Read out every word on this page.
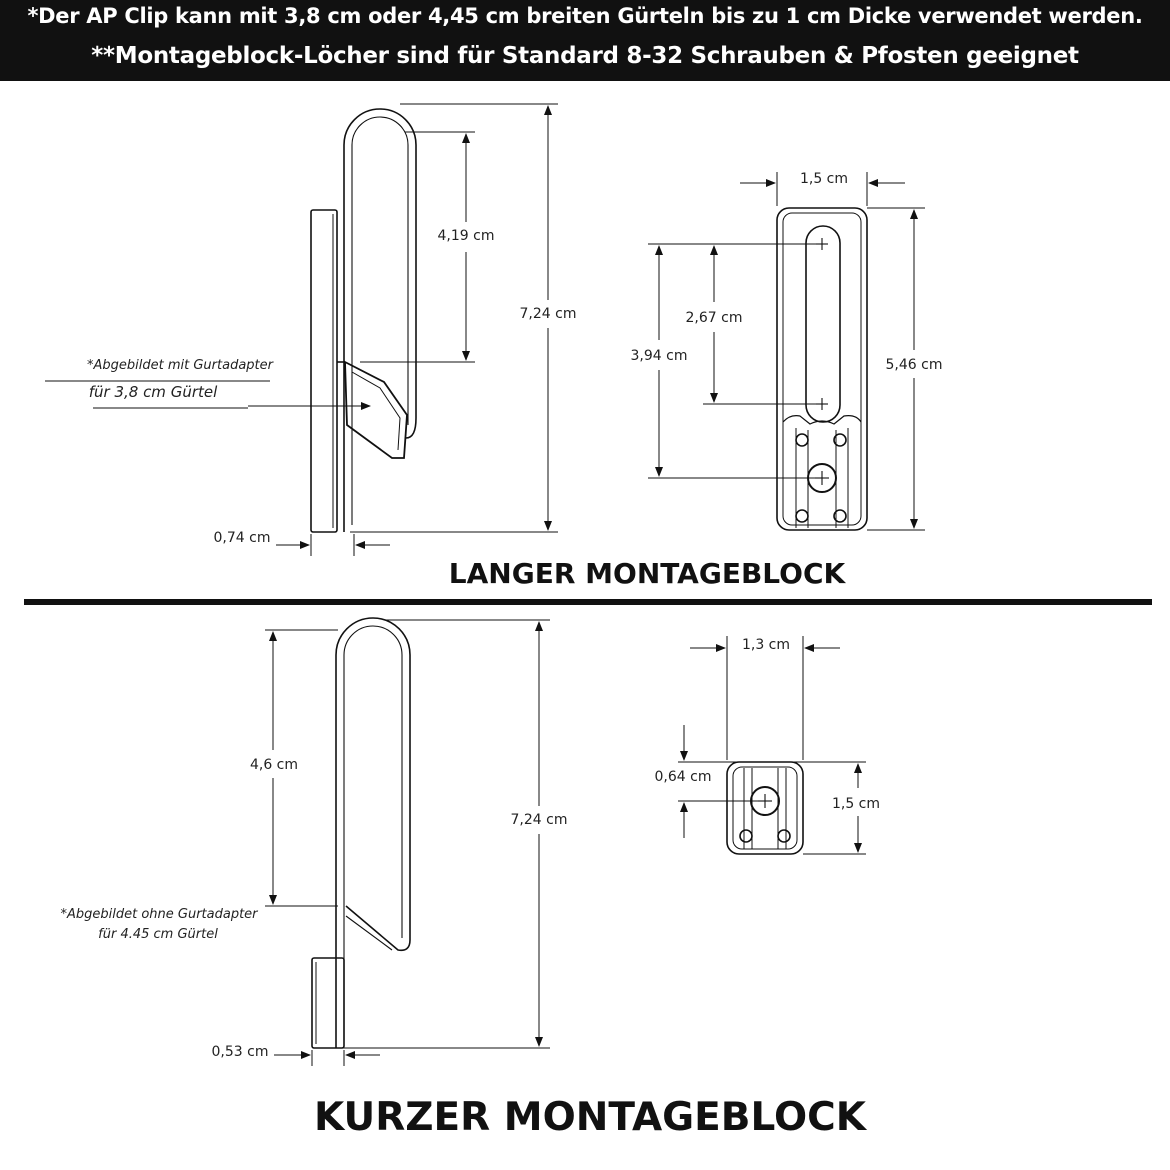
*Der AP Clip kann mit 3,8 cm oder 4,45 cm breiten Gürteln bis zu 1 cm Dicke verwendet werden.
**Montageblock-Löcher sind für Standard 8-32 Schrauben & Pfosten geeignet
4,19 cm
7,24 cm
0,74 cm
*Abgebildet mit Gurtadapter
für 3,8 cm Gürtel
1,5 cm
2,67 cm
3,94 cm
5,46 cm
LANGER MONTAGEBLOCK
4,6 cm
7,24 cm
0,53 cm
*Abgebildet ohne Gurtadapter
für 4.45 cm Gürtel
1,3 cm
0,64 cm
1,5 cm
KURZER MONTAGEBLOCK
